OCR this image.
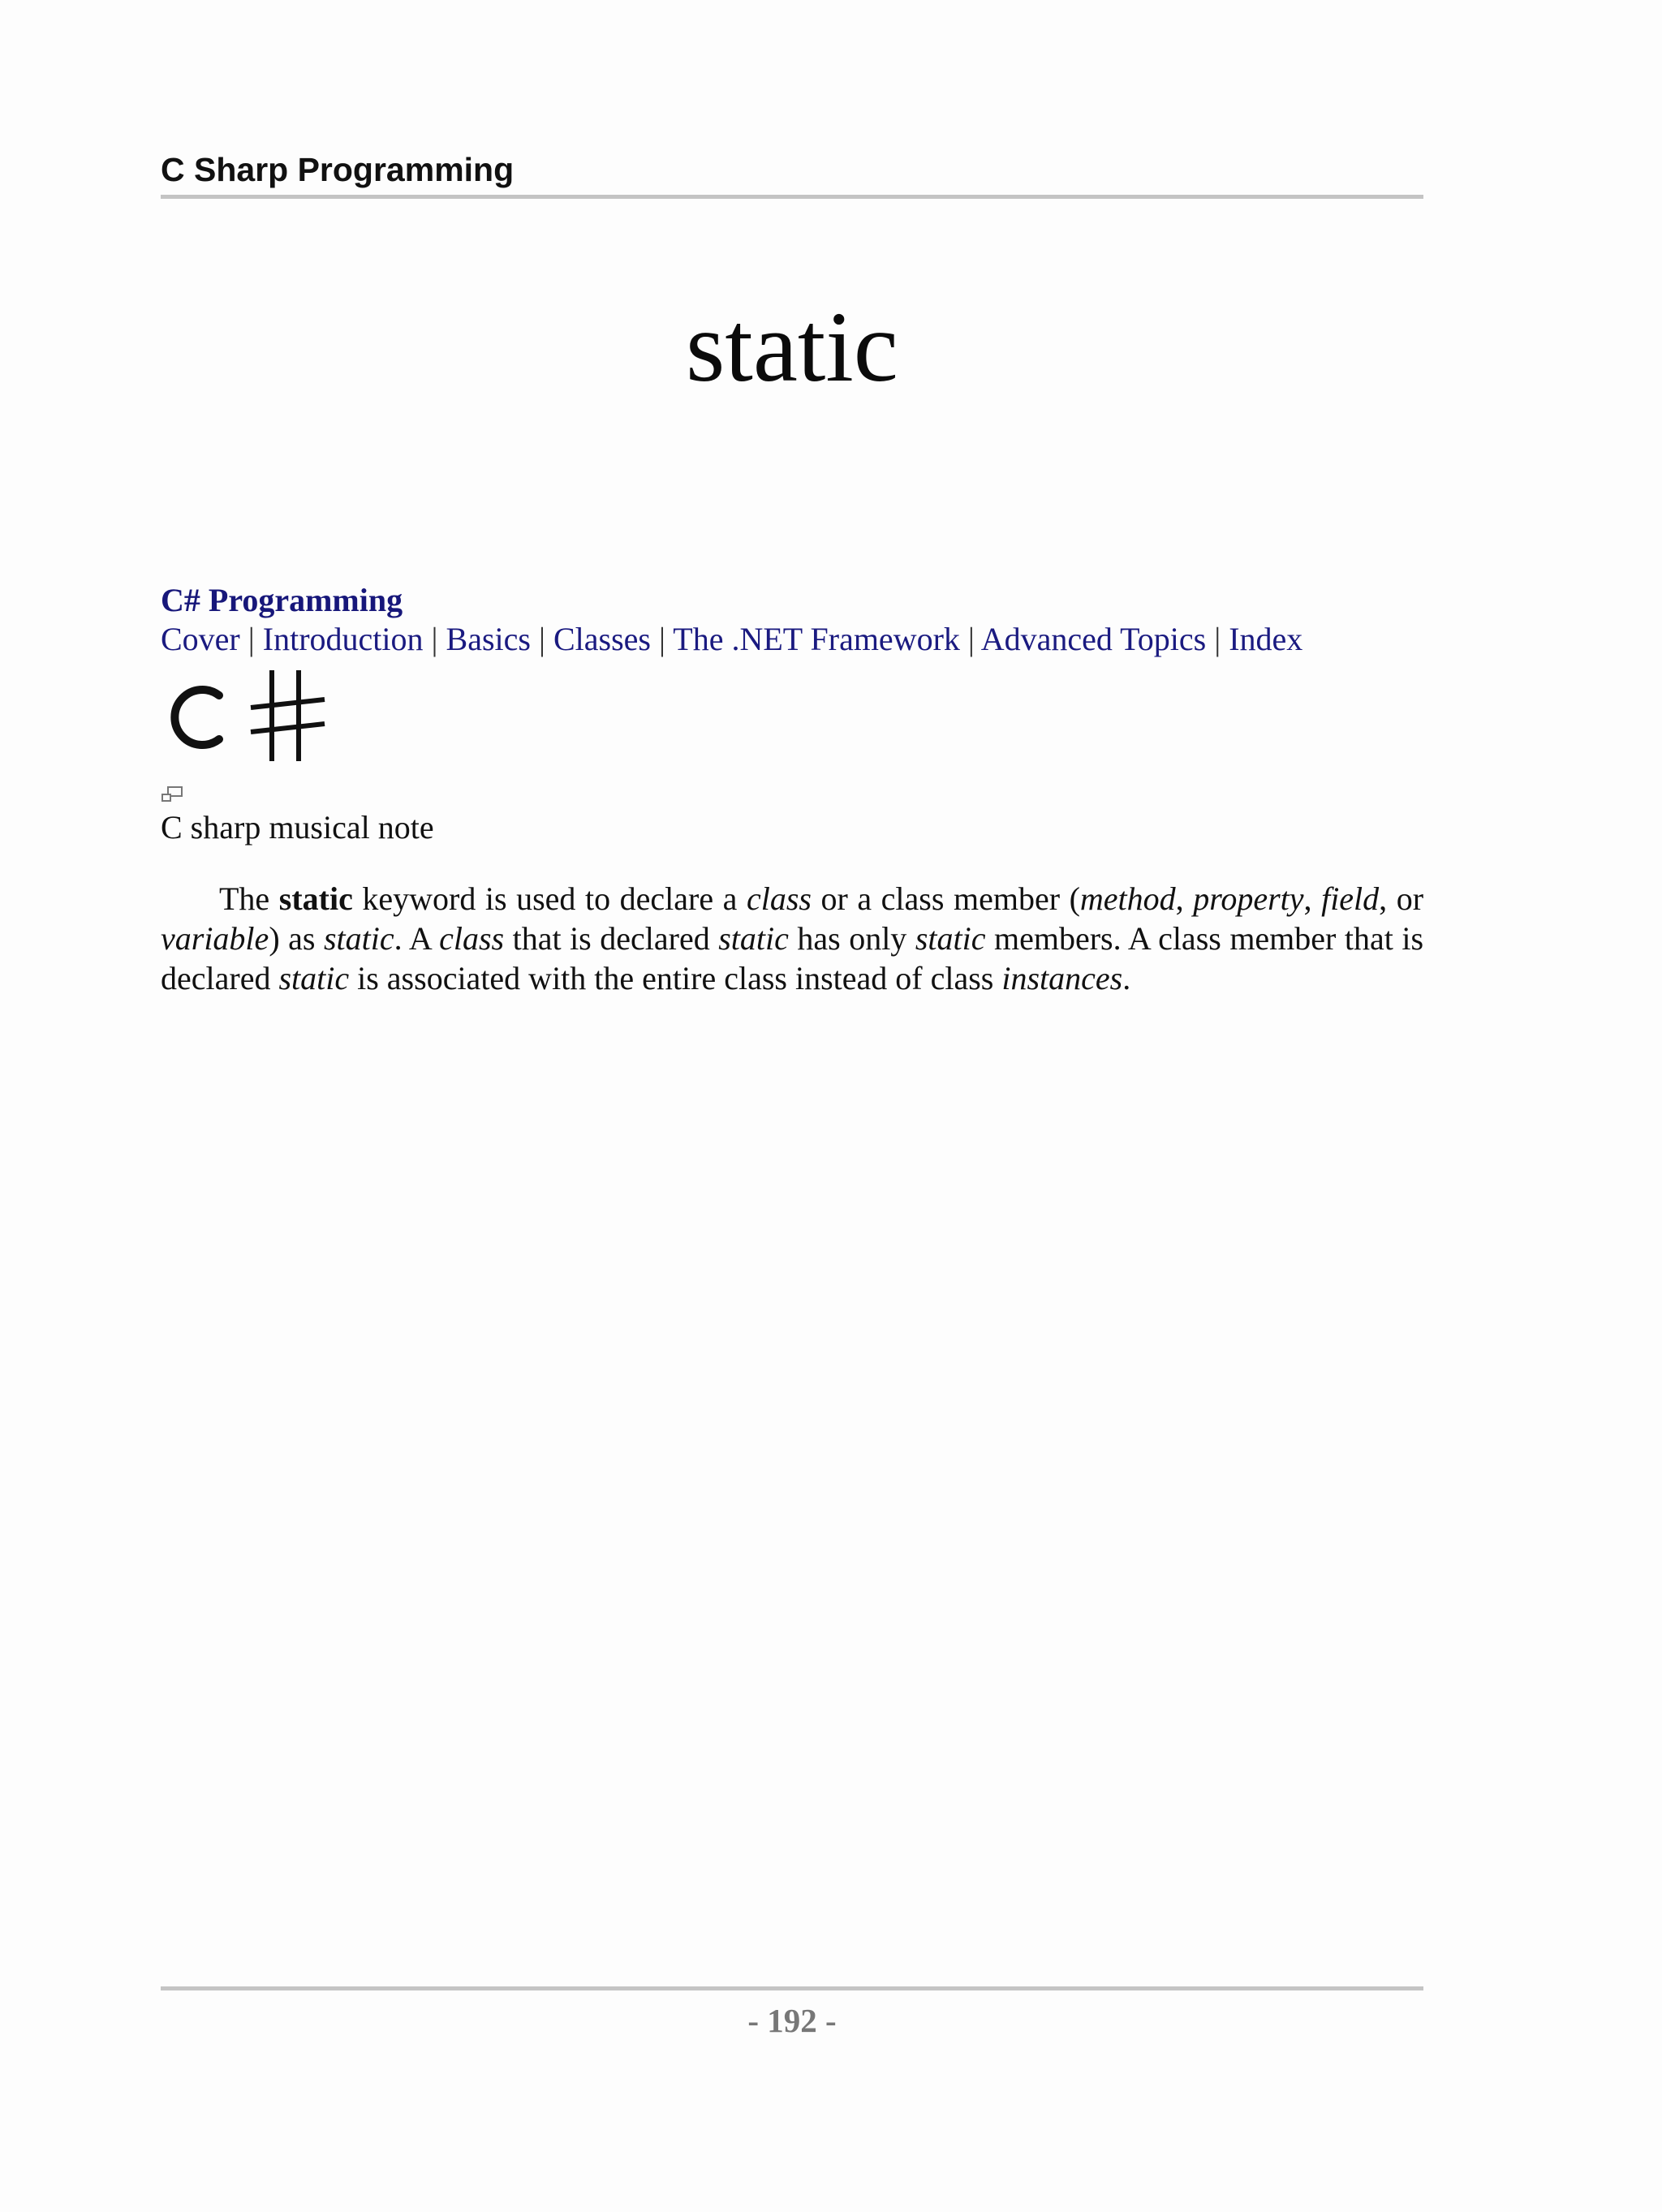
C Sharp Programming
static
C# Programming
Cover | Introduction | Basics | Classes | The .NET Framework | Advanced Topics | Index
C sharp musical note

The static keyword is used to declare a class or a class member (method, property, field, or variable) as static. A class that is declared static has only static members. A class member that is declared static is associated with the entire class instead of class instances.

- 192 -
